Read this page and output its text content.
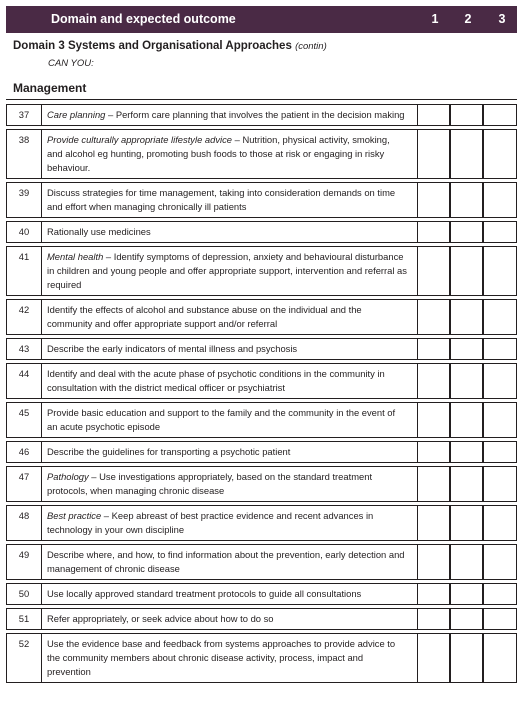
Domain and expected outcome	1 2 3
Domain 3 Systems and Organisational Approaches (contin)
CAN YOU:
Management
37	Care planning – Perform care planning that involves the patient in the decision making			
38	Provide culturally appropriate lifestyle advice – Nutrition, physical activity, smoking, and alcohol eg hunting, promoting bush foods to those at risk or engaging in risky behaviour.			
39	Discuss strategies for time management, taking into consideration demands on time and effort when managing chronically ill patients			
40	Rationally use medicines			
41	Mental health – Identify symptoms of depression, anxiety and behavioural disturbance in children and young people and offer appropriate support, intervention and referral as required			
42	Identify the effects of alcohol and substance abuse on the individual and the community and offer appropriate support and/or referral			
43	Describe the early indicators of mental illness and psychosis			
44	Identify and deal with the acute phase of psychotic conditions in the community in consultation with the district medical officer or psychiatrist			
45	Provide basic education and support to the family and the community in the event of an acute psychotic episode			
46	Describe the guidelines for transporting a psychotic patient			
47	Pathology – Use investigations appropriately, based on the standard treatment protocols, when managing chronic disease			
48	Best practice – Keep abreast of best practice evidence and recent advances in technology in your own discipline			
49	Describe where, and how, to find information about the prevention, early detection and management of chronic disease			
50	Use locally approved standard treatment protocols to guide all consultations			
51	Refer appropriately, or seek advice about how to do so			
52	Use the evidence base and feedback from systems approaches to provide advice to the community members about chronic disease activity, process, impact and prevention			
